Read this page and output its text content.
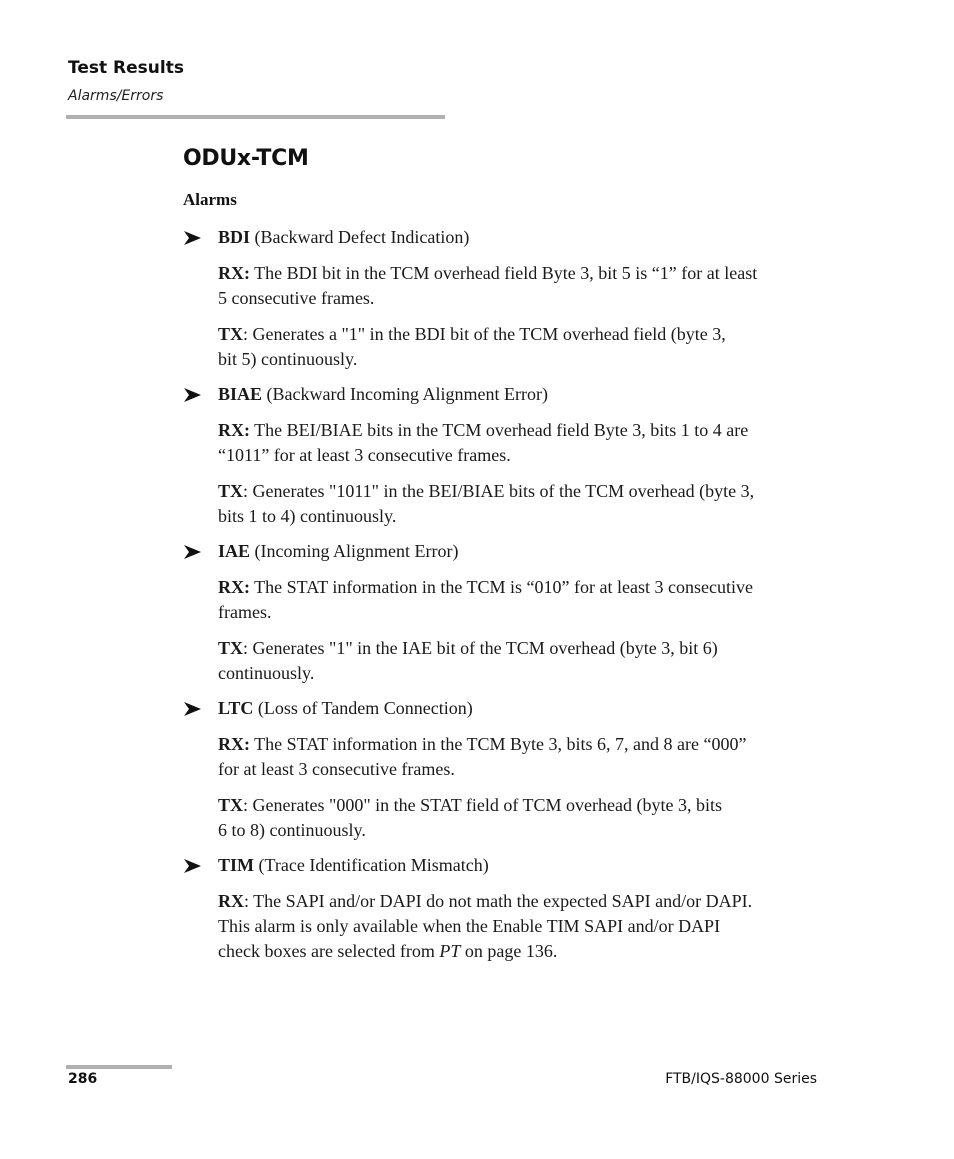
Test Results
Alarms/Errors
ODUx-TCM
Alarms
BDI (Backward Defect Indication)
RX: The BDI bit in the TCM overhead field Byte 3, bit 5 is “1” for at least
5 consecutive frames.
TX: Generates a "1" in the BDI bit of the TCM overhead field (byte 3,
bit 5) continuously.
BIAE (Backward Incoming Alignment Error)
RX: The BEI/BIAE bits in the TCM overhead field Byte 3, bits 1 to 4 are
“1011” for at least 3 consecutive frames.
TX: Generates "1011" in the BEI/BIAE bits of the TCM overhead (byte 3,
bits 1 to 4) continuously.
IAE (Incoming Alignment Error)
RX: The STAT information in the TCM is “010” for at least 3 consecutive
frames.
TX: Generates "1" in the IAE bit of the TCM overhead (byte 3, bit 6)
continuously.
LTC (Loss of Tandem Connection)
RX: The STAT information in the TCM Byte 3, bits 6, 7, and 8 are “000”
for at least 3 consecutive frames.
TX: Generates "000" in the STAT field of TCM overhead (byte 3, bits
6 to 8) continuously.
TIM (Trace Identification Mismatch)
RX: The SAPI and/or DAPI do not math the expected SAPI and/or DAPI.
This alarm is only available when the Enable TIM SAPI and/or DAPI
check boxes are selected from PT on page 136.
286	FTB/IQS-88000 Series
